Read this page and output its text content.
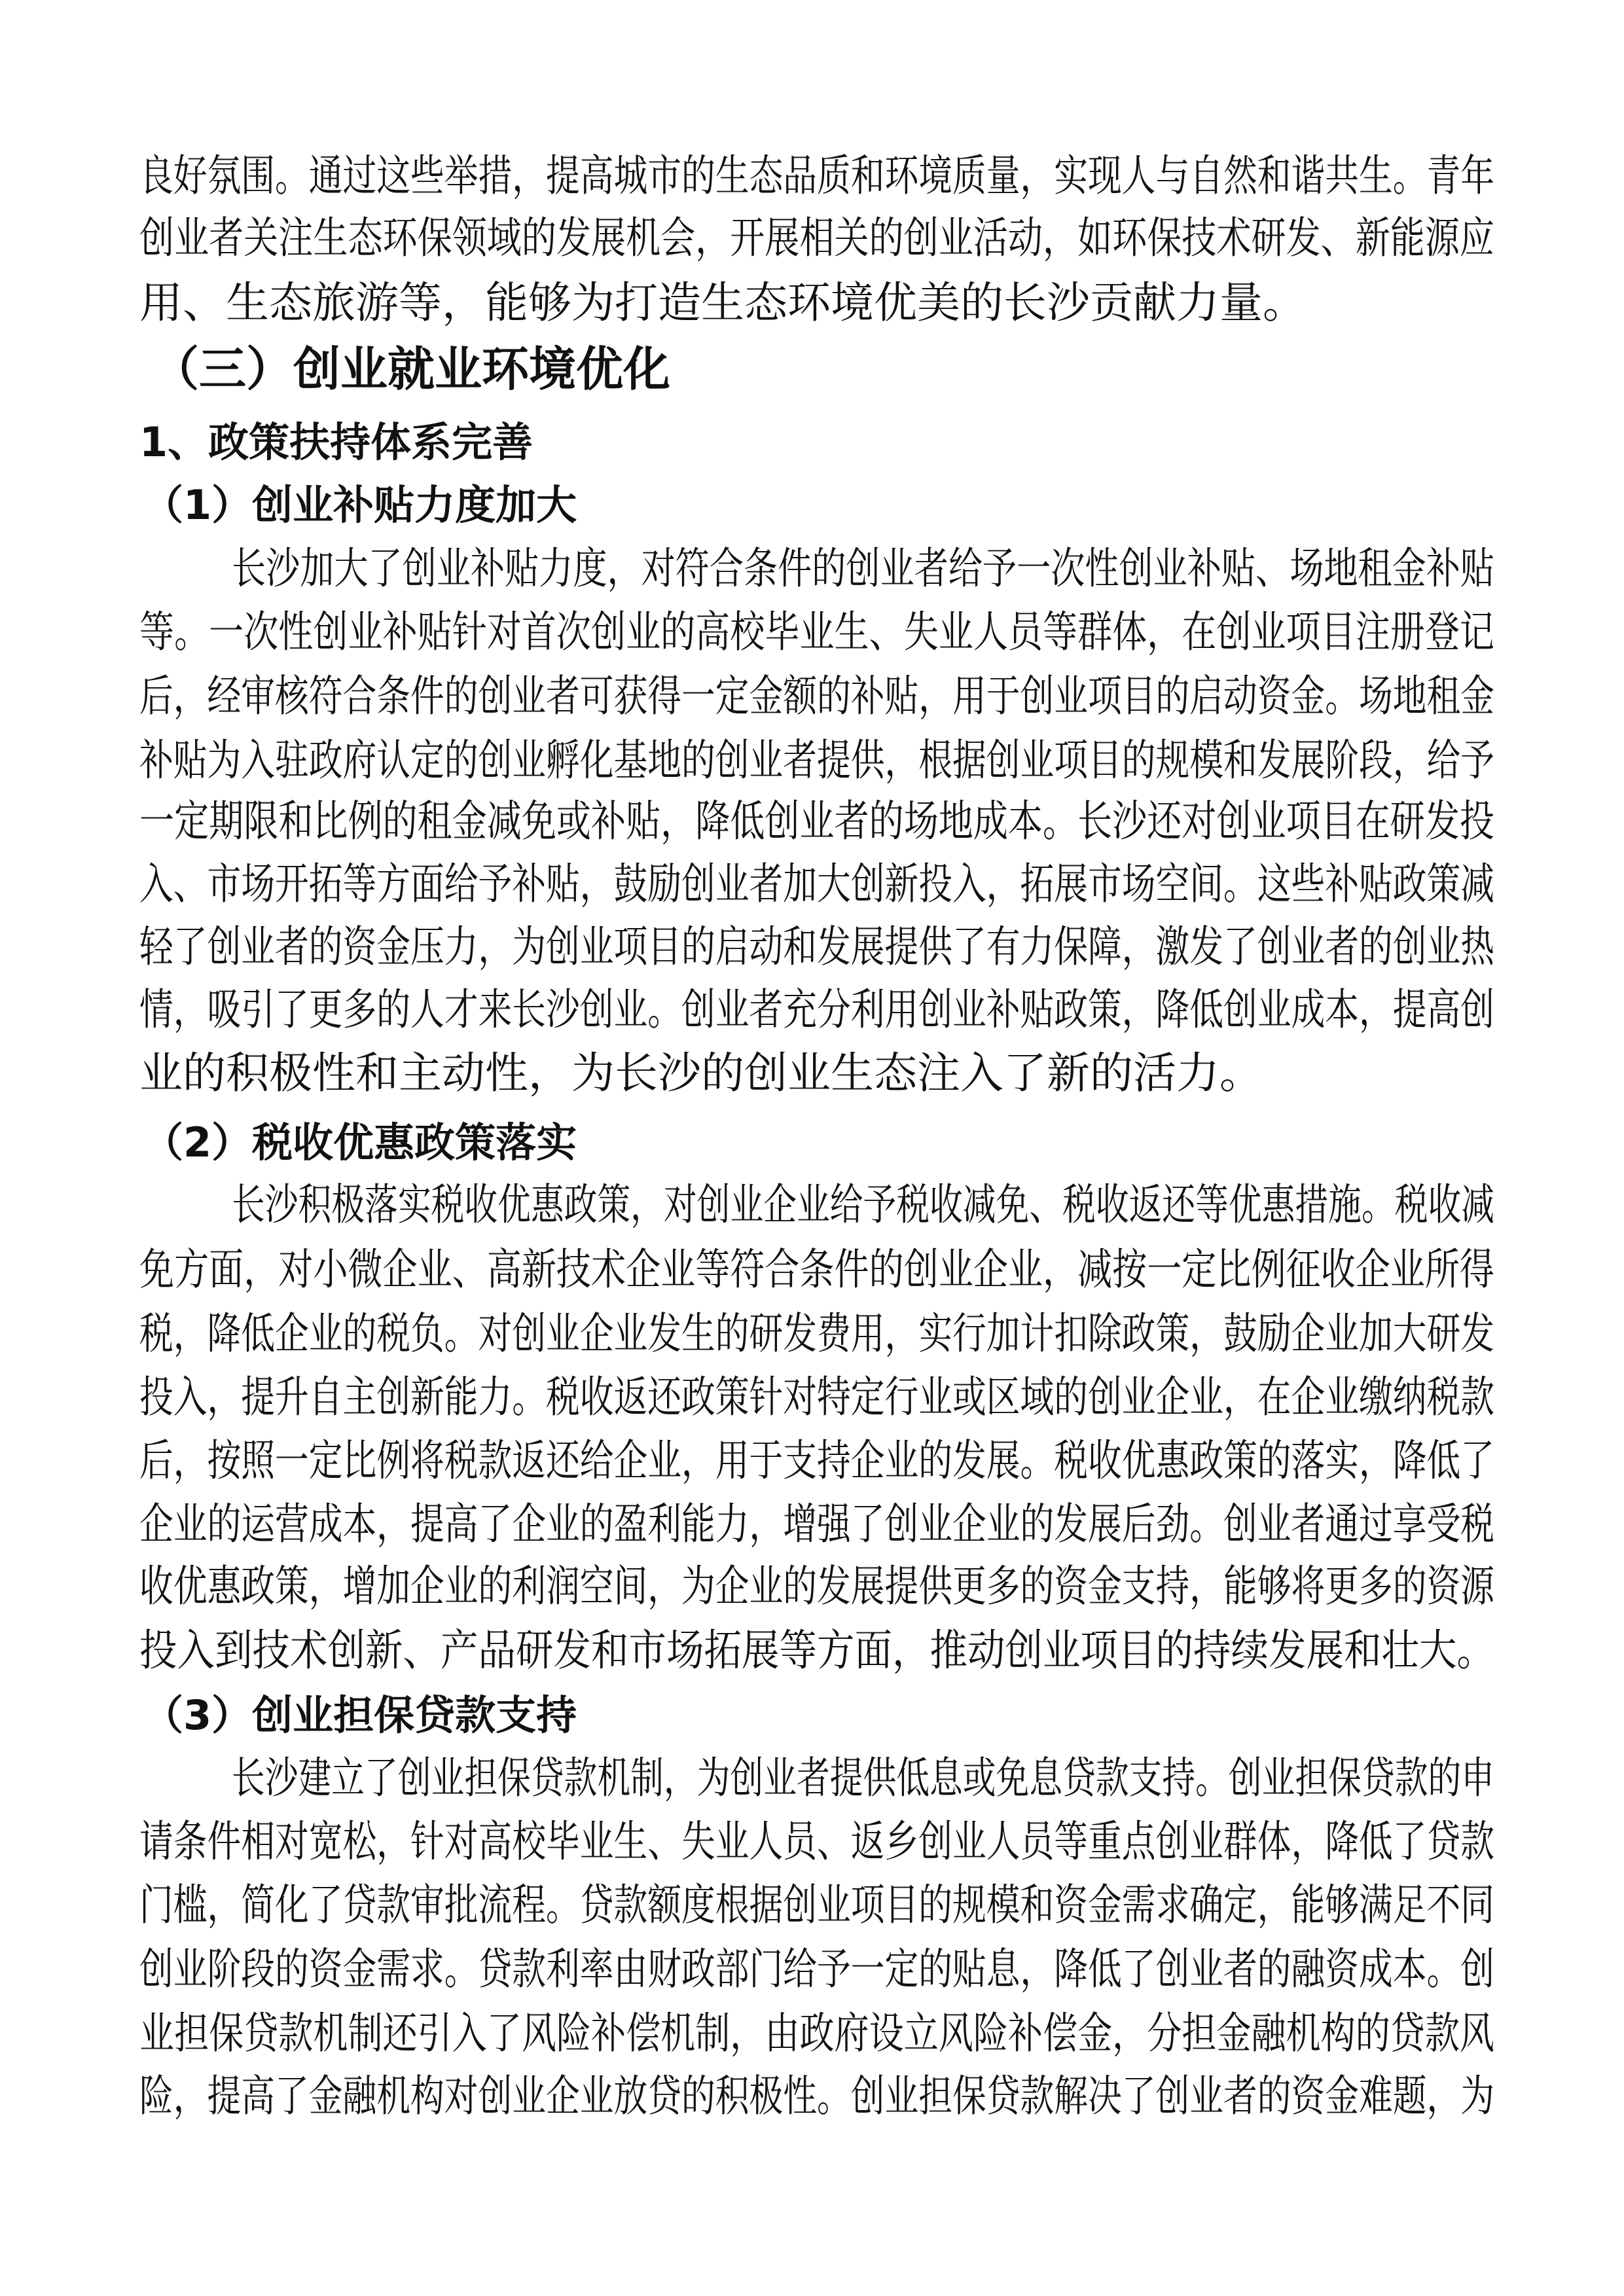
良好氛围。通过这些举措，提高城市的生态品质和环境质量，实现人与自然和谐共生。青年
创业者关注生态环保领域的发展机会，开展相关的创业活动，如环保技术研发、新能源应
用、生态旅游等，能够为打造生态环境优美的长沙贡献力量。
（三）创业就业环境优化
1、政策扶持体系完善
（1）创业补贴力度加大
长沙加大了创业补贴力度，对符合条件的创业者给予一次性创业补贴、场地租金补贴
等。一次性创业补贴针对首次创业的高校毕业生、失业人员等群体，在创业项目注册登记
后，经审核符合条件的创业者可获得一定金额的补贴，用于创业项目的启动资金。场地租金
补贴为入驻政府认定的创业孵化基地的创业者提供，根据创业项目的规模和发展阶段，给予
一定期限和比例的租金减免或补贴，降低创业者的场地成本。长沙还对创业项目在研发投
入、市场开拓等方面给予补贴，鼓励创业者加大创新投入，拓展市场空间。这些补贴政策减
轻了创业者的资金压力，为创业项目的启动和发展提供了有力保障，激发了创业者的创业热
情，吸引了更多的人才来长沙创业。创业者充分利用创业补贴政策，降低创业成本，提高创
业的积极性和主动性，为长沙的创业生态注入了新的活力。
（2）税收优惠政策落实
长沙积极落实税收优惠政策，对创业企业给予税收减免、税收返还等优惠措施。税收减
免方面，对小微企业、高新技术企业等符合条件的创业企业，减按一定比例征收企业所得
税，降低企业的税负。对创业企业发生的研发费用，实行加计扣除政策，鼓励企业加大研发
投入，提升自主创新能力。税收返还政策针对特定行业或区域的创业企业，在企业缴纳税款
后，按照一定比例将税款返还给企业，用于支持企业的发展。税收优惠政策的落实，降低了
企业的运营成本，提高了企业的盈利能力，增强了创业企业的发展后劲。创业者通过享受税
收优惠政策，增加企业的利润空间，为企业的发展提供更多的资金支持，能够将更多的资源
投入到技术创新、产品研发和市场拓展等方面，推动创业项目的持续发展和壮大。
（3）创业担保贷款支持
长沙建立了创业担保贷款机制，为创业者提供低息或免息贷款支持。创业担保贷款的申
请条件相对宽松，针对高校毕业生、失业人员、返乡创业人员等重点创业群体，降低了贷款
门槛，简化了贷款审批流程。贷款额度根据创业项目的规模和资金需求确定，能够满足不同
创业阶段的资金需求。贷款利率由财政部门给予一定的贴息，降低了创业者的融资成本。创
业担保贷款机制还引入了风险补偿机制，由政府设立风险补偿金，分担金融机构的贷款风
险，提高了金融机构对创业企业放贷的积极性。创业担保贷款解决了创业者的资金难题，为
